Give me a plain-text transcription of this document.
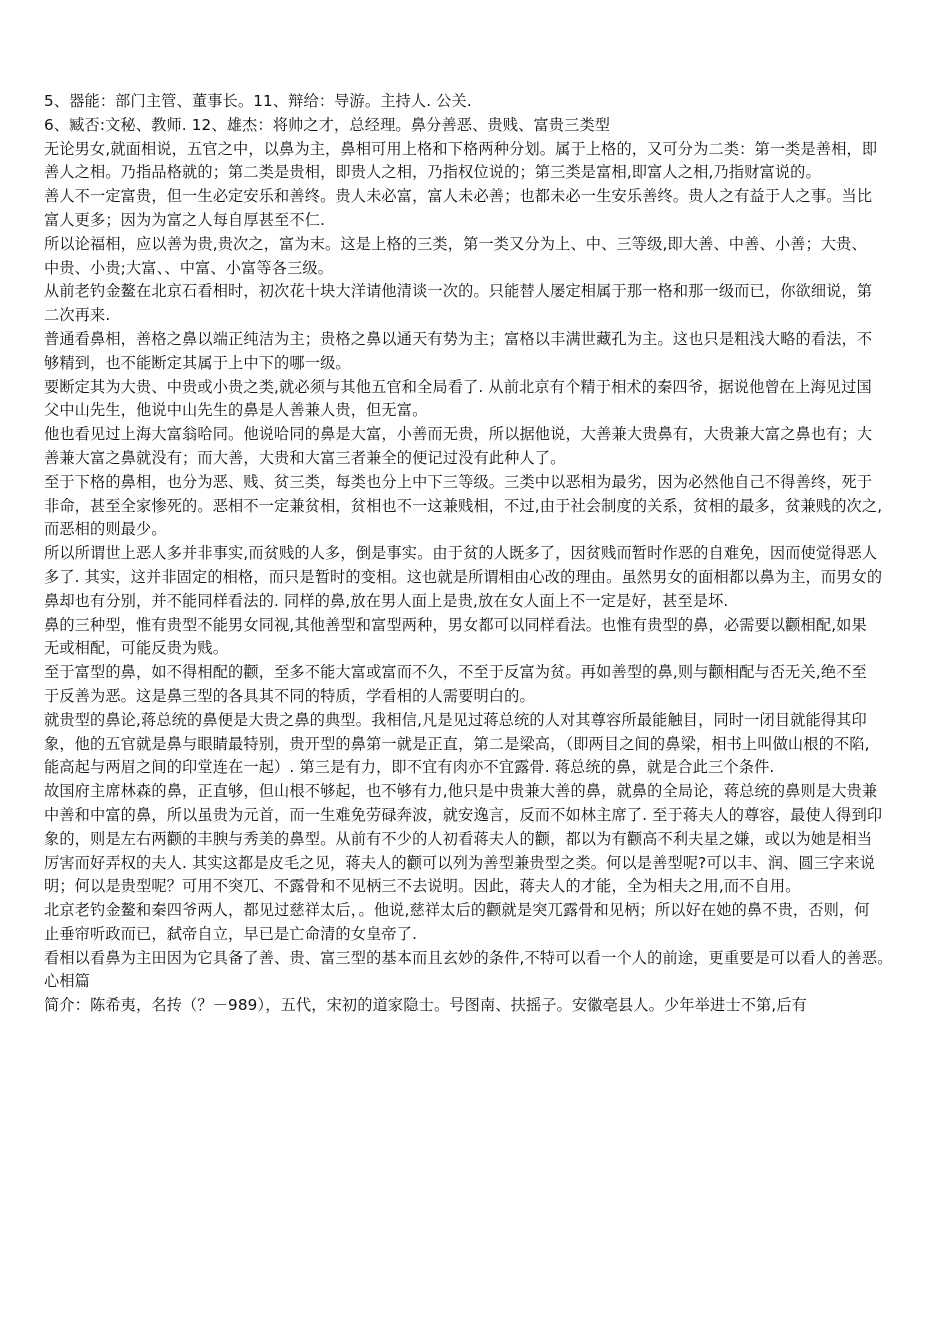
5、器能：部门主管、董事长。11、辩给：导游。主持人. 公关.
6、臧否:文秘、教师. 12、雄杰：将帅之才，总经理。鼻分善恶、贵贱、富贵三类型
无论男女,就面相说，五官之中，以鼻为主，鼻相可用上格和下格两种分划。属于上格的，又可分为二类：第一类是善相，即
善人之相。乃指品格就的；第二类是贵相，即贵人之相，乃指权位说的；第三类是富相,即富人之相,乃指财富说的。
善人不一定富贵，但一生必定安乐和善终。贵人未必富，富人未必善；也都未必一生安乐善终。贵人之有益于人之事。当比
富人更多；因为为富之人每自厚甚至不仁.
所以论福相，应以善为贵,贵次之，富为末。这是上格的三类，第一类又分为上、中、三等级,即大善、中善、小善；大贵、
中贵、小贵;大富、、中富、小富等各三级。
从前老钓金鳌在北京石看相时，初次花十块大洋请他清谈一次的。只能替人屡定相属于那一格和那一级而已，你欲细说，第
二次再来.
普通看鼻相，善格之鼻以端正纯洁为主；贵格之鼻以通天有势为主；富格以丰满世藏孔为主。这也只是粗浅大略的看法，不
够精到，也不能断定其属于上中下的哪一级。
要断定其为大贵、中贵或小贵之类,就必须与其他五官和全局看了. 从前北京有个精于相术的秦四爷，据说他曾在上海见过国
父中山先生，他说中山先生的鼻是人善兼人贵，但无富。
他也看见过上海大富翁哈同。他说哈同的鼻是大富，小善而无贵，所以据他说，大善兼大贵鼻有，大贵兼大富之鼻也有；大
善兼大富之鼻就没有；而大善，大贵和大富三者兼全的便记过没有此种人了。
至于下格的鼻相，也分为恶、贱、贫三类，每类也分上中下三等级。三类中以恶相为最劣，因为必然他自己不得善终，死于
非命，甚至全家惨死的。恶相不一定兼贫相，贫相也不一这兼贱相，不过,由于社会制度的关系，贫相的最多，贫兼贱的次之,
而恶相的则最少。
所以所谓世上恶人多并非事实,而贫贱的人多，倒是事实。由于贫的人既多了，因贫贱而暂时作恶的自难免，因而使觉得恶人
多了. 其实，这并非固定的相格，而只是暂时的变相。这也就是所谓相由心改的理由。虽然男女的面相都以鼻为主，而男女的
鼻却也有分别，并不能同样看法的. 同样的鼻,放在男人面上是贵,放在女人面上不一定是好，甚至是坏.
鼻的三种型，惟有贵型不能男女同视,其他善型和富型两种，男女都可以同样看法。也惟有贵型的鼻，必需要以颧相配,如果
无或相配，可能反贵为贱。
至于富型的鼻，如不得相配的颧，至多不能大富或富而不久，不至于反富为贫。再如善型的鼻,则与颧相配与否无关,绝不至
于反善为恶。这是鼻三型的各具其不同的特质，学看相的人需要明白的。
就贵型的鼻论,蒋总统的鼻便是大贵之鼻的典型。我相信,凡是见过蒋总统的人对其尊容所最能触目，同时一闭目就能得其印
象，他的五官就是鼻与眼睛最特别，贵开型的鼻第一就是正直，第二是梁高，（即两目之间的鼻梁，相书上叫做山根的不陷,
能高起与两眉之间的印堂连在一起）. 第三是有力，即不宜有肉亦不宜露骨. 蒋总统的鼻，就是合此三个条件.
故国府主席林森的鼻，正直够，但山根不够起，也不够有力,他只是中贵兼大善的鼻，就鼻的全局论，蒋总统的鼻则是大贵兼
中善和中富的鼻，所以虽贵为元首，而一生难免劳碌奔波，就安逸言，反而不如林主席了. 至于蒋夫人的尊容，最使人得到印
象的，则是左右两颧的丰腴与秀美的鼻型。从前有不少的人初看蒋夫人的颧，都以为有颧高不利夫星之嫌，或以为她是相当
厉害而好弄权的夫人. 其实这都是皮毛之见，蒋夫人的颧可以列为善型兼贵型之类。何以是善型呢?可以丰、润、圆三字来说
明；何以是贵型呢？可用不突兀、不露骨和不见柄三不去说明。因此，蒋夫人的才能，全为相夫之用,而不自用。
北京老钓金鳌和秦四爷两人，都见过慈祥太后，。他说,慈祥太后的颧就是突兀露骨和见柄；所以好在她的鼻不贵，否则，何
止垂帘听政而已，弑帝自立，早已是亡命清的女皇帝了.
看相以看鼻为主田因为它具备了善、贵、富三型的基本而且玄妙的条件,不特可以看一个人的前途，更重要是可以看人的善恶。
心相篇
简介：陈希夷，名抟（？－989），五代，宋初的道家隐士。号图南、扶摇子。安徽亳县人。少年举进士不第,后有
